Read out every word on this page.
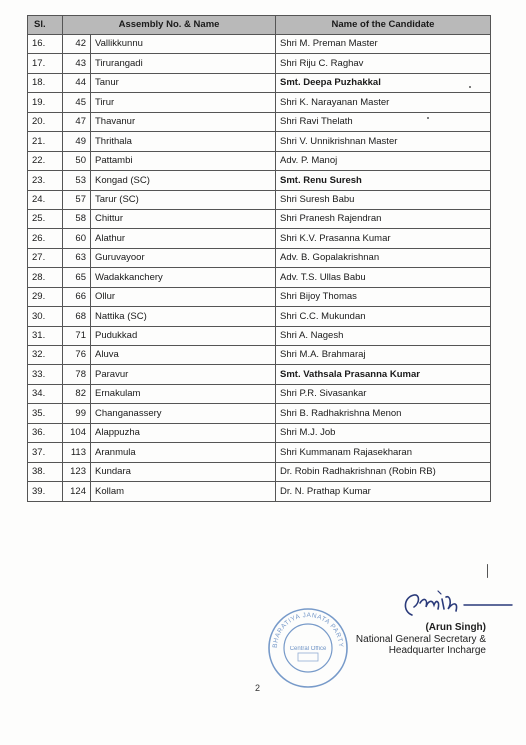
Sl.	Assembly No. & Name		Name of the Candidate
16.	42	Vallikkunnu	Shri M. Preman Master
17.	43	Tirurangadi	Shri Riju C. Raghav
18.	44	Tanur	Smt. Deepa Puzhakkal
19.	45	Tirur	Shri K. Narayanan Master
20.	47	Thavanur	Shri Ravi Thelath
21.	49	Thrithala	Shri V. Unnikrishnan Master
22.	50	Pattambi	Adv. P. Manoj
23.	53	Kongad (SC)	Smt. Renu Suresh
24.	57	Tarur (SC)	Shri Suresh Babu
25.	58	Chittur	Shri Pranesh Rajendran
26.	60	Alathur	Shri K.V. Prasanna Kumar
27.	63	Guruvayoor	Adv. B. Gopalakrishnan
28.	65	Wadakkanchery	Adv. T.S. Ullas Babu
29.	66	Ollur	Shri Bijoy Thomas
30.	68	Nattika (SC)	Shri C.C. Mukundan
31.	71	Pudukkad	Shri A. Nagesh
32.	76	Aluva	Shri M.A. Brahmaraj
33.	78	Paravur	Smt. Vathsala Prasanna Kumar
34.	82	Ernakulam	Shri P.R. Sivasankar
35.	99	Changanassery	Shri B. Radhakrishna Menon
36.	104	Alappuzha	Shri M.J. Job
37.	113	Aranmula	Shri Kummanam Rajasekharan
38.	123	Kundara	Dr. Robin Radhakrishnan (Robin RB)
39.	124	Kollam	Dr. N. Prathap Kumar
BHARATIYA JANATA PARTY
Central Office
(Arun Singh)
National General Secretary &
Headquarter Incharge
2
